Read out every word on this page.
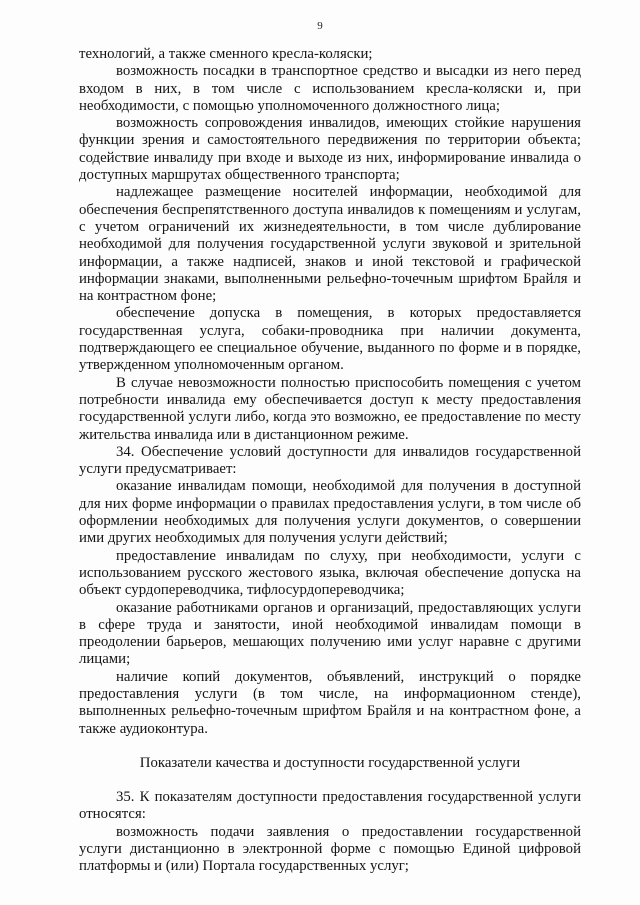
9

технологий, а также сменного кресла-коляски;

возможность посадки в транспортное средство и высадки из него перед входом в них, в том числе с использованием кресла-коляски и, при необходимости, с помощью уполномоченного должностного лица;

возможность сопровождения инвалидов, имеющих стойкие нарушения функции зрения и самостоятельного передвижения по территории объекта; содействие инвалиду при входе и выходе из них, информирование инвалида о доступных маршрутах общественного транспорта;

надлежащее размещение носителей информации, необходимой для обеспечения беспрепятственного доступа инвалидов к помещениям и услугам, с учетом ограничений их жизнедеятельности, в том числе дублирование необходимой для получения государственной услуги звуковой и зрительной информации, а также надписей, знаков и иной текстовой и графической информации знаками, выполненными рельефно-точечным шрифтом Брайля и на контрастном фоне;

обеспечение допуска в помещения, в которых предоставляется государственная услуга, собаки-проводника при наличии документа, подтверждающего ее специальное обучение, выданного по форме и в порядке, утвержденном уполномоченным органом.

В случае невозможности полностью приспособить помещения с учетом потребности инвалида ему обеспечивается доступ к месту предоставления государственной услуги либо, когда это возможно, ее предоставление по месту жительства инвалида или в дистанционном режиме.

34. Обеспечение условий доступности для инвалидов государственной услуги предусматривает:

оказание инвалидам помощи, необходимой для получения в доступной для них форме информации о правилах предоставления услуги, в том числе об оформлении необходимых для получения услуги документов, о совершении ими других необходимых для получения услуги действий;

предоставление инвалидам по слуху, при необходимости, услуги с использованием русского жестового языка, включая обеспечение допуска на объект сурдопереводчика, тифлосурдопереводчика;

оказание работниками органов и организаций, предоставляющих услуги в сфере труда и занятости, иной необходимой инвалидам помощи в преодолении барьеров, мешающих получению ими услуг наравне с другими лицами;

наличие копий документов, объявлений, инструкций о порядке предоставления услуги (в том числе, на информационном стенде), выполненных рельефно-точечным шрифтом Брайля и на контрастном фоне, а также аудиоконтура.

Показатели качества и доступности государственной услуги

35. К показателям доступности предоставления государственной услуги относятся:

возможность подачи заявления о предоставлении государственной услуги дистанционно в электронной форме с помощью Единой цифровой платформы и (или) Портала государственных услуг;
